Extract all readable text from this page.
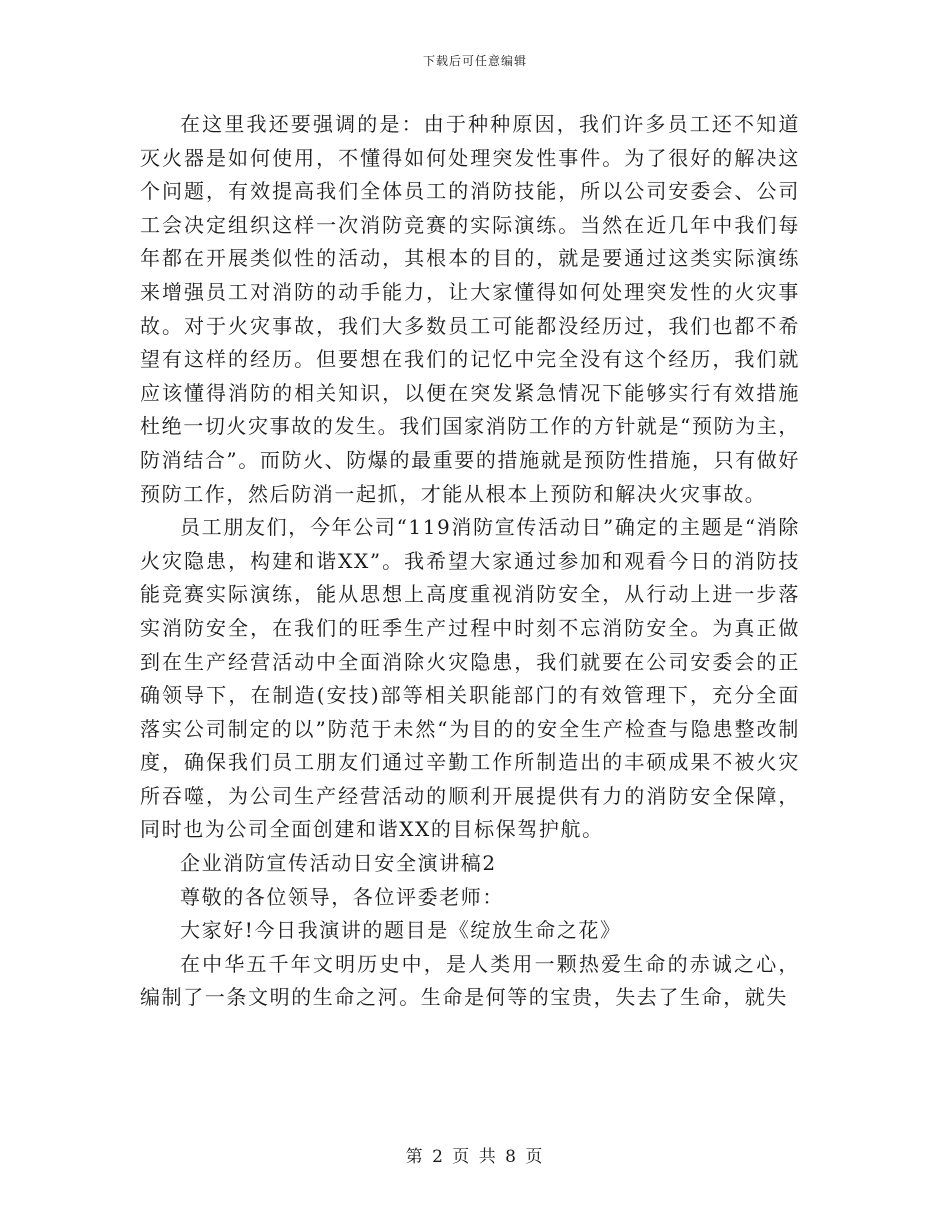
下载后可任意编辑

在这里我还要强调的是：由于种种原因，我们许多员工还不知道灭火器是如何使用，不懂得如何处理突发性事件。为了很好的解决这个问题，有效提高我们全体员工的消防技能，所以公司安委会、公司工会决定组织这样一次消防竞赛的实际演练。当然在近几年中我们每年都在开展类似性的活动，其根本的目的，就是要通过这类实际演练来增强员工对消防的动手能力，让大家懂得如何处理突发性的火灾事故。对于火灾事故，我们大多数员工可能都没经历过，我们也都不希望有这样的经历。但要想在我们的记忆中完全没有这个经历，我们就应该懂得消防的相关知识，以便在突发紧急情况下能够实行有效措施杜绝一切火灾事故的发生。我们国家消防工作的方针就是“预防为主，防消结合”。而防火、防爆的最重要的措施就是预防性措施，只有做好预防工作，然后防消一起抓，才能从根本上预防和解决火灾事故。

员工朋友们，今年公司“119消防宣传活动日”确定的主题是“消除火灾隐患，构建和谐XX”。我希望大家通过参加和观看今日的消防技能竞赛实际演练，能从思想上高度重视消防安全，从行动上进一步落实消防安全，在我们的旺季生产过程中时刻不忘消防安全。为真正做到在生产经营活动中全面消除火灾隐患，我们就要在公司安委会的正确领导下，在制造(安技)部等相关职能部门的有效管理下，充分全面落实公司制定的以”防范于未然“为目的的安全生产检查与隐患整改制度，确保我们员工朋友们通过辛勤工作所制造出的丰硕成果不被火灾所吞噬，为公司生产经营活动的顺利开展提供有力的消防安全保障，同时也为公司全面创建和谐XX的目标保驾护航。

企业消防宣传活动日安全演讲稿2

尊敬的各位领导，各位评委老师：

大家好!今日我演讲的题目是《绽放生命之花》

在中华五千年文明历史中，是人类用一颗热爱生命的赤诚之心，编制了一条文明的生命之河。生命是何等的宝贵，失去了生命，就失

第 2 页 共 8 页
